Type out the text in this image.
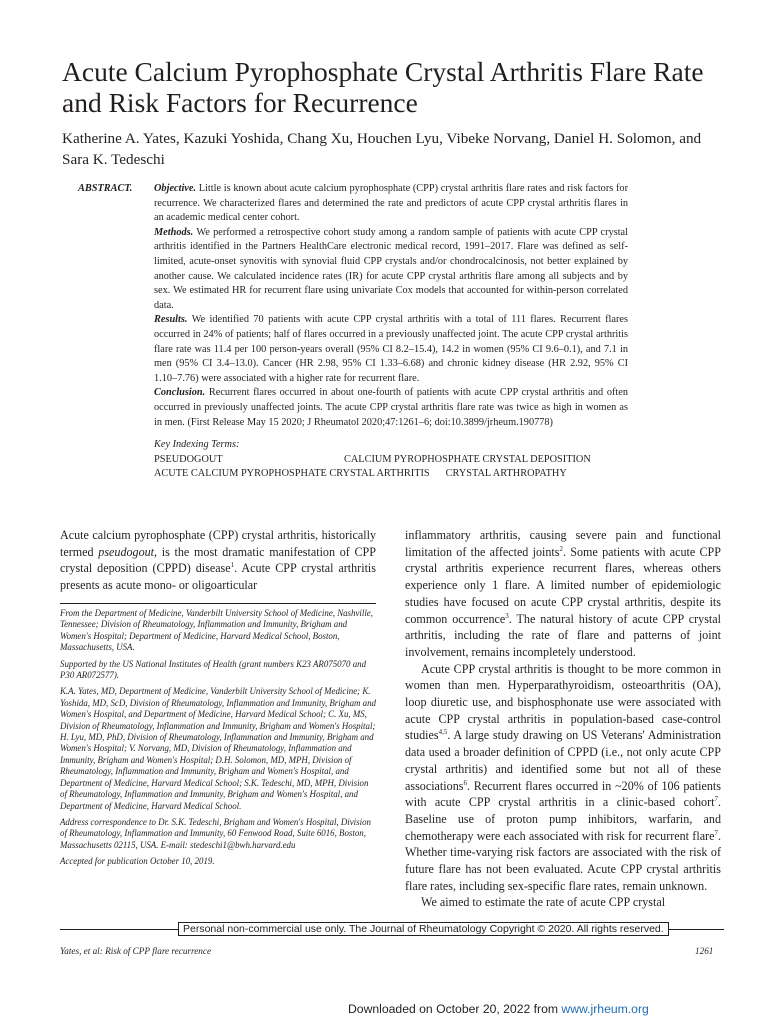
Acute Calcium Pyrophosphate Crystal Arthritis Flare Rate and Risk Factors for Recurrence
Katherine A. Yates, Kazuki Yoshida, Chang Xu, Houchen Lyu, Vibeke Norvang, Daniel H. Solomon, and Sara K. Tedeschi
ABSTRACT. Objective. Little is known about acute calcium pyrophosphate (CPP) crystal arthritis flare rates and risk factors for recurrence. We characterized flares and determined the rate and predictors of acute CPP crystal arthritis flares in an academic medical center cohort.

Methods. We performed a retrospective cohort study among a random sample of patients with acute CPP crystal arthritis identified in the Partners HealthCare electronic medical record, 1991–2017. Flare was defined as self-limited, acute-onset synovitis with synovial fluid CPP crystals and/or chondrocalcinosis, not better explained by another cause. We calculated incidence rates (IR) for acute CPP crystal arthritis flare among all subjects and by sex. We estimated HR for recurrent flare using univariate Cox models that accounted for within-person correlated data.

Results. We identified 70 patients with acute CPP crystal arthritis with a total of 111 flares. Recurrent flares occurred in 24% of patients; half of flares occurred in a previously unaffected joint. The acute CPP crystal arthritis flare rate was 11.4 per 100 person-years overall (95% CI 8.2–15.4), 14.2 in women (95% CI 9.6–0.1), and 7.1 in men (95% CI 3.4–13.0). Cancer (HR 2.98, 95% CI 1.33–6.68) and chronic kidney disease (HR 2.92, 95% CI 1.10–7.76) were associated with a higher rate for recurrent flare.

Conclusion. Recurrent flares occurred in about one-fourth of patients with acute CPP crystal arthritis and often occurred in previously unaffected joints. The acute CPP crystal arthritis flare rate was twice as high in women as in men. (First Release May 15 2020; J Rheumatol 2020;47:1261–6; doi:10.3899/jrheum.190778)

Key Indexing Terms:
PSEUDOGOUT	CALCIUM PYROPHOSPHATE CRYSTAL DEPOSITION
ACUTE CALCIUM PYROPHOSPHATE CRYSTAL ARTHRITIS CRYSTAL ARTHROPATHY

Acute calcium pyrophosphate (CPP) crystal arthritis, historically termed pseudogout, is the most dramatic manifestation of CPP crystal deposition (CPPD) disease$^1$. Acute CPP crystal arthritis presents as acute mono- or oligoarticular

From the Department of Medicine, Vanderbilt University School of Medicine, Nashville, Tennessee; Division of Rheumatology, Inflammation and Immunity, Brigham and Women's Hospital; Department of Medicine, Harvard Medical School, Boston, Massachusetts, USA.

Supported by the US National Institutes of Health (grant numbers K23 AR075070 and P30 AR072577).

K.A. Yates, MD, Department of Medicine, Vanderbilt University School of Medicine; K. Yoshida, MD, ScD, Division of Rheumatology, Inflammation and Immunity, Brigham and Women's Hospital, and Department of Medicine, Harvard Medical School; C. Xu, MS, Division of Rheumatology, Inflammation and Immunity, Brigham and Women's Hospital; H. Lyu, MD, PhD, Division of Rheumatology, Inflammation and Immunity, Brigham and Women's Hospital; V. Norvang, MD, Division of Rheumatology, Inflammation and Immunity, Brigham and Women's Hospital; D.H. Solomon, MD, MPH, Division of Rheumatology, Inflammation and Immunity, Brigham and Women's Hospital, and Department of Medicine, Harvard Medical School; S.K. Tedeschi, MD, MPH, Division of Rheumatology, Inflammation and Immunity, Brigham and Women's Hospital, and Department of Medicine, Harvard Medical School.

Address correspondence to Dr. S.K. Tedeschi, Brigham and Women's Hospital, Division of Rheumatology, Inflammation and Immunity, 60 Fenwood Road, Suite 6016, Boston, Massachusetts 02115, USA. E-mail: stedeschi1@bwh.harvard.edu

Accepted for publication October 10, 2019.

inflammatory arthritis, causing severe pain and functional limitation of the affected joints$^2$. Some patients with acute CPP crystal arthritis experience recurrent flares, whereas others experience only 1 flare. A limited number of epidemiologic studies have focused on acute CPP crystal arthritis, despite its common occurrence$^3$. The natural history of acute CPP crystal arthritis, including the rate of flare and patterns of joint involvement, remains incompletely understood.

Acute CPP crystal arthritis is thought to be more common in women than men. Hyperparathyroidism, osteoarthritis (OA), loop diuretic use, and bisphosphonate use were associated with acute CPP crystal arthritis in population-based case-control studies$^{4,5}$. A large study drawing on US Veterans' Administration data used a broader definition of CPPD (i.e., not only acute CPP crystal arthritis) and identified some but not all of these associations$^6$. Recurrent flares occurred in ~20% of 106 patients with acute CPP crystal arthritis in a clinic-based cohort$^7$. Baseline use of proton pump inhibitors, warfarin, and chemotherapy were each associated with risk for recurrent flare$^7$. Whether time-varying risk factors are associated with the risk of future flare has not been evaluated. Acute CPP crystal arthritis flare rates, including sex-specific flare rates, remain unknown.

We aimed to estimate the rate of acute CPP crystal

Personal non-commercial use only. The Journal of Rheumatology Copyright © 2020. All rights reserved.
Yates, et al: Risk of CPP flare recurrence	1261
Downloaded on October 20, 2022 from www.jrheum.org
